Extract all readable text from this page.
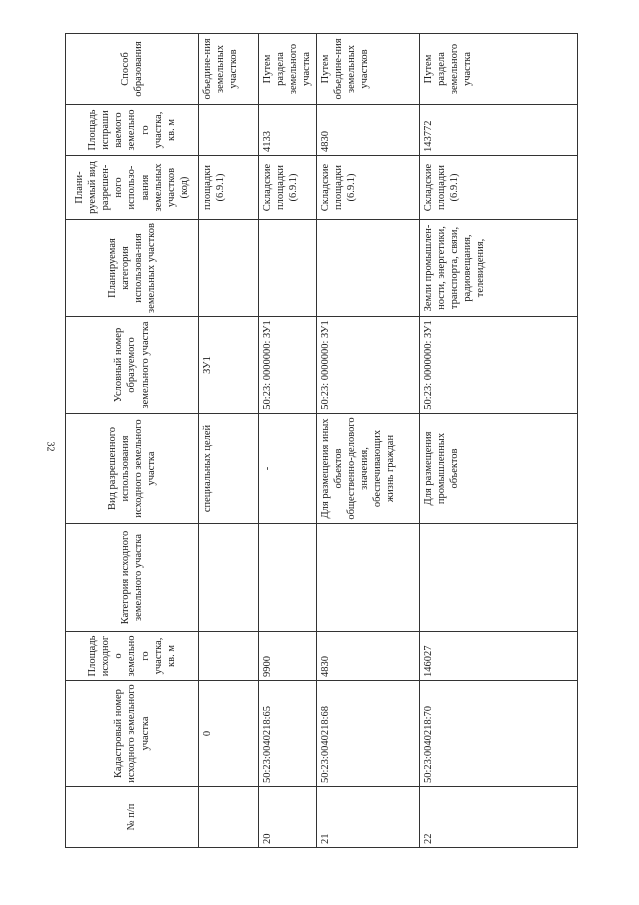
32
№ п/п	Кадастровый номер исходного земельного участка	Площадь исходного земельного участка, кв. м	Категория исходного земельного участка	Вид разрешенного использования исходного земельного участка	Условный номер образуемого земельного участка	Планируемая категория использова-ния земельных участков	Плани-руемый вид разрешен-ного использо-вания земельных участков (код)	Площадь испрашиваемого земельного участка, кв. м	Способ образования
	0			специальных целей	ЗУ1		площадки (6.9.1)		объедине-ния земельных участков
20	50:23:0040218:65	9900		-	50:23: 0000000: ЗУ1		Складские площадки (6.9.1)	4133	Путем раздела земельного участка
21	50:23:0040218:68	4830		Для размещения иных объектов общественно-делового значения, обеспечивающих жизнь граждан	50:23: 0000000: ЗУ1		Складские площадки (6.9.1)	4830	Путем объедине-ния земельных участков
22	50:23:0040218:70	146027		Для размещения промышленных объектов	50:23: 0000000: ЗУ1	Земли промышлен-ности, энергетики, транспорта, связи, радиовещания, телевидения,	Складские площадки (6.9.1)	143772	Путем раздела земельного участка
